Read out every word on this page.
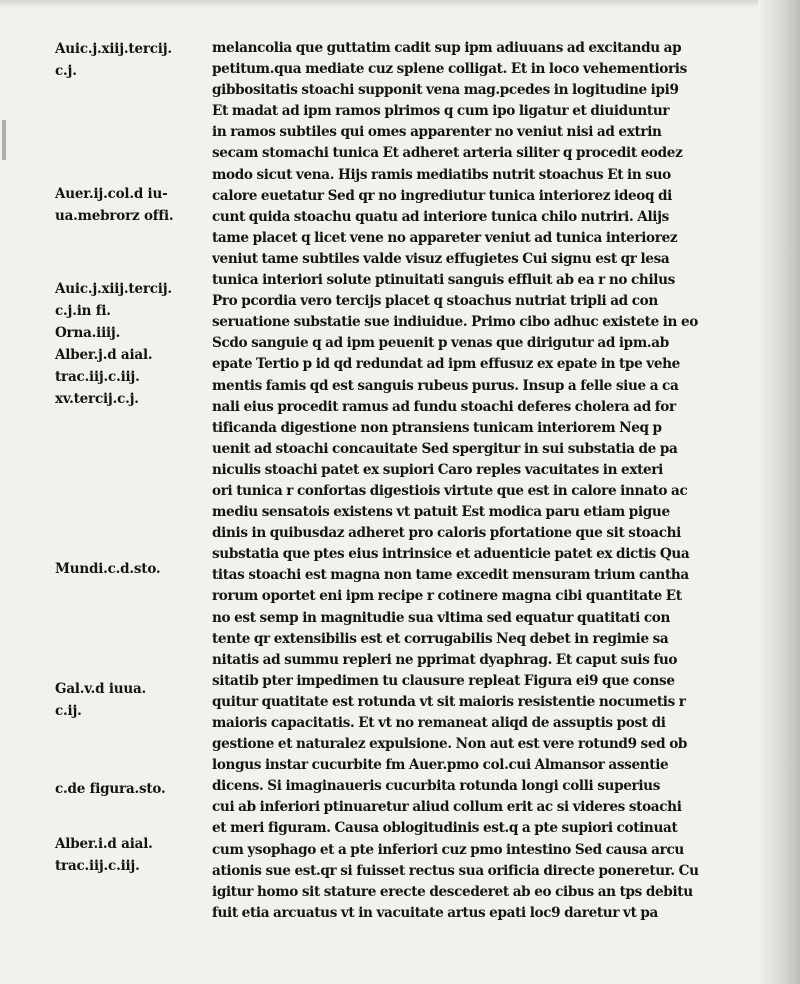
Auic.j.xiij.tercij.
c.j.
Auer.ij.col.d iu-
ua.mebrorz offi.
Auic.j.xiij.tercij.
c.j.in fi.
Orna.iiij.
Alber.j.d aial.
trac.iij.c.iij.
xv.tercij.c.j.
Mundi.c.d.sto.
Gal.v.d iuua.
c.ij.
c.de figura.sto.
Alber.i.d aial.
trac.iij.c.iij.
melancolia que guttatim cadit sup ipm adiuuans ad excitandu ap
petitum.qua mediate cuz splene colligat. Et in loco vehementioris
gibbositatis stoachi supponit vena mag.pcedes in logitudine ipi9
Et madat ad ipm ramos plrimos q cum ipo ligatur et diuiduntur
in ramos subtiles qui omes apparenter no veniut nisi ad extrin
secam stomachi tunica Et adheret arteria siliter q procedit eodez
modo sicut vena. Hijs ramis mediatibs nutrit stoachus Et in suo
calore euetatur Sed qr no ingrediutur tunica interiorez ideoq di
cunt quida stoachu quatu ad interiore tunica chilo nutriri. Alijs
tame placet q licet vene no appareter veniut ad tunica interiorez
veniut tame subtiles valde visuz effugietes Cui signu est qr lesa
tunica interiori solute ptinuitati sanguis effluit ab ea r no chilus
Pro pcordia vero tercijs placet q stoachus nutriat tripli ad con
seruatione substatie sue indiuidue. Primo cibo adhuc existete in eo
Scdo sanguie q ad ipm peuenit p venas que dirigutur ad ipm.ab
epate Tertio p id qd redundat ad ipm effusuz ex epate in tpe vehe
mentis famis qd est sanguis rubeus purus. Insup a felle siue a ca
nali eius procedit ramus ad fundu stoachi deferes cholera ad for
tificanda digestione non ptransiens tunicam interiorem Neq p
uenit ad stoachi concauitate Sed spergitur in sui substatia de pa
niculis stoachi patet ex supiori Caro reples vacuitates in exteri
ori tunica r confortas digestiois virtute que est in calore innato ac
mediu sensatois existens vt patuit Est modica paru etiam pigue
dinis in quibusdaz adheret pro caloris pfortatione que sit stoachi
substatia que ptes eius intrinsice et aduenticie patet ex dictis Qua
titas stoachi est magna non tame excedit mensuram trium cantha
rorum oportet eni ipm recipe r cotinere magna cibi quantitate Et
no est semp in magnitudie sua vltima sed equatur quatitati con
tente qr extensibilis est et corrugabilis Neq debet in regimie sa
nitatis ad summu repleri ne pprimat dyaphrag. Et caput suis fuo
sitatib pter impedimen tu clausure repleat Figura ei9 que conse
quitur quatitate est rotunda vt sit maioris resistentie nocumetis r
maioris capacitatis. Et vt no remaneat aliqd de assuptis post di
gestione et naturalez expulsione. Non aut est vere rotund9 sed ob
longus instar cucurbite fm Auer.pmo col.cui Almansor assentie
dicens. Si imaginaueris cucurbita rotunda longi colli superius
cui ab inferiori ptinuaretur aliud collum erit ac si videres stoachi
et meri figuram. Causa oblogitudinis est.q a pte supiori cotinuat
cum ysophago et a pte inferiori cuz pmo intestino Sed causa arcu
ationis sue est.qr si fuisset rectus sua orificia directe poneretur. Cu
igitur homo sit stature erecte descederet ab eo cibus an tps debitu
fuit etia arcuatus vt in vacuitate artus epati loc9 daretur vt pa
